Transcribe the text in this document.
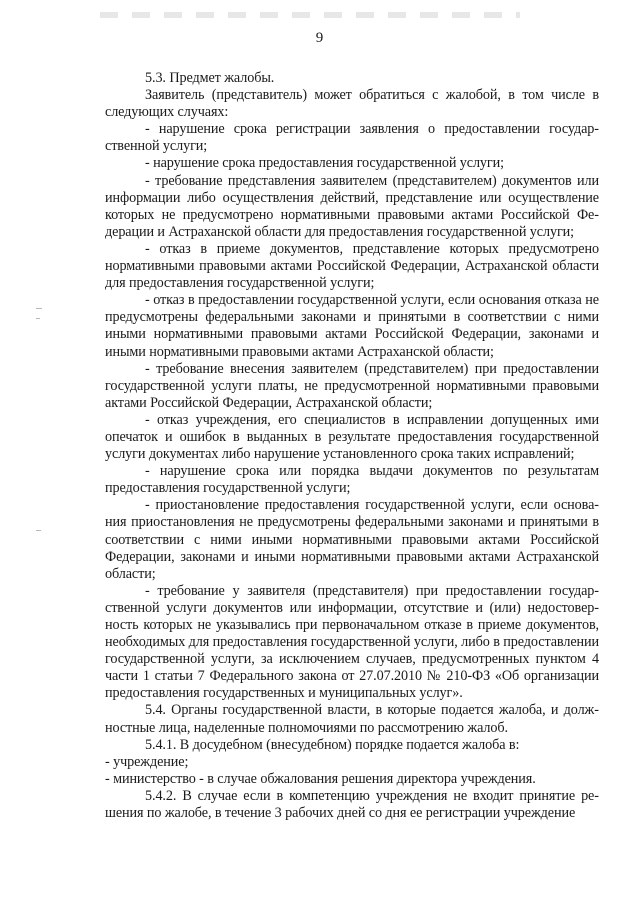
9

5.3. Предмет жалобы.

Заявитель (представитель) может обратиться с жалобой, в том числе в следующих случаях:

- нарушение срока регистрации заявления о предоставлении государственной услуги;

- нарушение срока предоставления государственной услуги;

- требование представления заявителем (представителем) документов или информации либо осуществления действий, представление или осуществление которых не предусмотрено нормативными правовыми актами Российской Федерации и Астраханской области для предоставления государственной услуги;

- отказ в приеме документов, представление которых предусмотрено нормативными правовыми актами Российской Федерации, Астраханской области для предоставления государственной услуги;

- отказ в предоставлении государственной услуги, если основания отказа не предусмотрены федеральными законами и принятыми в соответствии с ними иными нормативными правовыми актами Российской Федерации, законами и иными нормативными правовыми актами Астраханской области;

- требование внесения заявителем (представителем) при предоставлении государственной услуги платы, не предусмотренной нормативными правовыми актами Российской Федерации, Астраханской области;

- отказ учреждения, его специалистов в исправлении допущенных ими опечаток и ошибок в выданных в результате предоставления государственной услуги документах либо нарушение установленного срока таких исправлений;

- нарушение срока или порядка выдачи документов по результатам предоставления государственной услуги;

- приостановление предоставления государственной услуги, если основания приостановления не предусмотрены федеральными законами и принятыми в соответствии с ними иными нормативными правовыми актами Российской Федерации, законами и иными нормативными правовыми актами Астраханской области;

- требование у заявителя (представителя) при предоставлении государственной услуги документов или информации, отсутствие и (или) недостоверность которых не указывались при первоначальном отказе в приеме документов, необходимых для предоставления государственной услуги, либо в предоставлении государственной услуги, за исключением случаев, предусмотренных пунктом 4 части 1 статьи 7 Федерального закона от 27.07.2010 № 210-ФЗ «Об организации предоставления государственных и муниципальных услуг».

5.4. Органы государственной власти, в которые подается жалоба, и должностные лица, наделенные полномочиями по рассмотрению жалоб.

5.4.1. В досудебном (внесудебном) порядке подается жалоба в:

- учреждение;

- министерство - в случае обжалования решения директора учреждения.

5.4.2. В случае если в компетенцию учреждения не входит принятие решения по жалобе, в течение 3 рабочих дней со дня ее регистрации учреждение
